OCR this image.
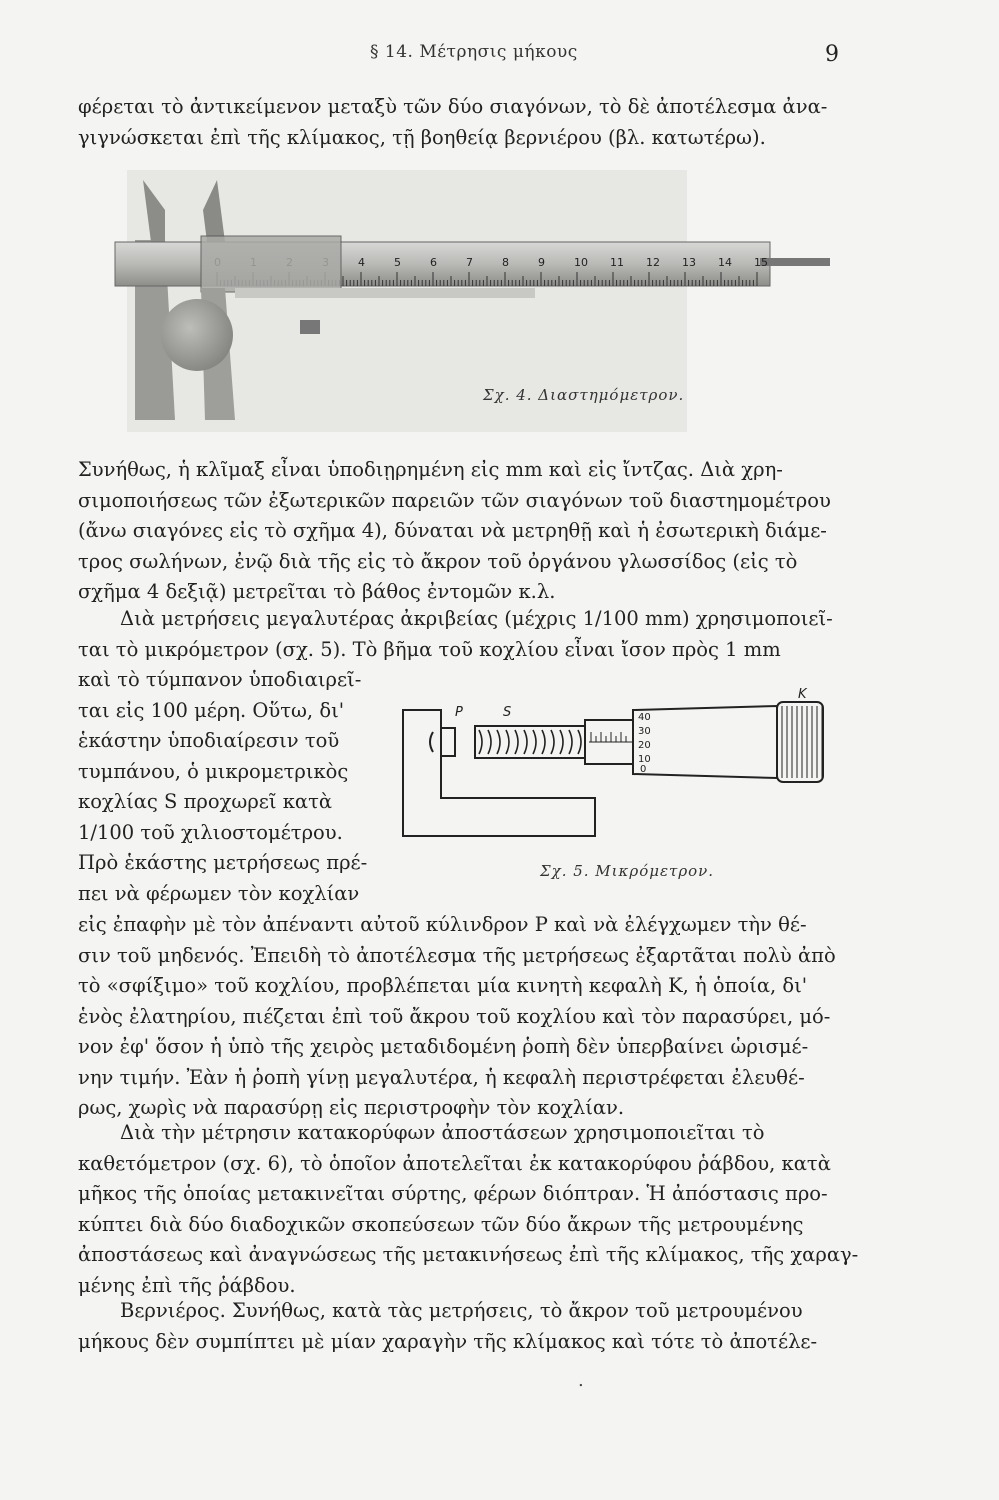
§ 14. Μέτρησις μήκους	9
φέρεται τὸ ἀντικείμενον μεταξὺ τῶν δύο σιαγόνων, τὸ δὲ ἀποτέλεσμα ἀνα-
γιγνώσκεται ἐπὶ τῆς κλίμακος, τῇ βοηθείᾳ βερνιέρου (βλ. κατωτέρω).
4	5	6	7	8	9	10 11 12 13 14 15
Σχ. 4. Διαστημόμετρον.
Συνήθως, ἡ κλῖμαξ εἶναι ὑποδιῃρημένη εἰς mm καὶ εἰς ἴντζας. Διὰ χρη-
σιμοποιήσεως τῶν ἐξωτερικῶν παρειῶν τῶν σιαγόνων τοῦ διαστημομέτρου
(ἄνω σιαγόνες εἰς τὸ σχῆμα 4), δύναται νὰ μετρηθῇ καὶ ἡ ἐσωτερικὴ διάμε-
τρος σωλήνων, ἐνῷ διὰ τῆς εἰς τὸ ἄκρον τοῦ ὀργάνου γλωσσίδος (εἰς τὸ
σχῆμα 4 δεξιᾷ) μετρεῖται τὸ βάθος ἐντομῶν κ.λ.
Διὰ μετρήσεις μεγαλυτέρας ἀκριβείας (μέχρις 1/100 mm) χρησιμοποιεῖ-
ται τὸ μικρόμετρον (σχ. 5). Τὸ βῆμα τοῦ κοχλίου εἶναι ἴσον πρὸς 1 mm
καὶ τὸ τύμπανον ὑποδιαιρεῖ-
ται εἰς 100 μέρη. Οὕτω, δι'
ἑκάστην ὑποδιαίρεσιν τοῦ
τυμπάνου, ὁ μικρομετρικὸς
κοχλίας S προχωρεῖ κατὰ
1/100 τοῦ χιλιοστομέτρου.
Πρὸ ἑκάστης μετρήσεως πρέ-
πει νὰ φέρωμεν τὸν κοχλίαν
40
30
20
10
0
P	S
K
Σχ. 5. Μικρόμετρον.
εἰς ἐπαφὴν μὲ τὸν ἀπέναντι αὐτοῦ κύλινδρον P καὶ νὰ ἐλέγχωμεν τὴν θέ-
σιν τοῦ μηδενός. Ἐπειδὴ τὸ ἀποτέλεσμα τῆς μετρήσεως ἐξαρτᾶται πολὺ ἀπὸ
τὸ «σφίξιμο» τοῦ κοχλίου, προβλέπεται μία κινητὴ κεφαλὴ K, ἡ ὁποία, δι'
ἑνὸς ἐλατηρίου, πιέζεται ἐπὶ τοῦ ἄκρου τοῦ κοχλίου καὶ τὸν παρασύρει, μό-
νον ἐφ' ὅσον ἡ ὑπὸ τῆς χειρὸς μεταδιδομένη ῥοπὴ δὲν ὑπερβαίνει ὡρισμέ-
νην τιμήν. Ἐὰν ἡ ῥοπὴ γίνῃ μεγαλυτέρα, ἡ κεφαλὴ περιστρέφεται ἐλευθέ-
ρως, χωρὶς νὰ παρασύρῃ εἰς περιστροφὴν τὸν κοχλίαν.
Διὰ τὴν μέτρησιν κατακορύφων ἀποστάσεων χρησιμοποιεῖται τὸ
καθετόμετρον (σχ. 6), τὸ ὁποῖον ἀποτελεῖται ἐκ κατακορύφου ῥάβδου, κατὰ
μῆκος τῆς ὁποίας μετακινεῖται σύρτης, φέρων διόπτραν. Ἡ ἀπόστασις προ-
κύπτει διὰ δύο διαδοχικῶν σκοπεύσεων τῶν δύο ἄκρων τῆς μετρουμένης
ἀποστάσεως καὶ ἀναγνώσεως τῆς μετακινήσεως ἐπὶ τῆς κλίμακος, τῆς χαραγ-
μένης ἐπὶ τῆς ῥάβδου.
Βερνιέρος. Συνήθως, κατὰ τὰς μετρήσεις, τὸ ἄκρον τοῦ μετρουμένου
μήκους δὲν συμπίπτει μὲ μίαν χαραγὴν τῆς κλίμακος καὶ τότε τὸ ἀποτέλε-
.
